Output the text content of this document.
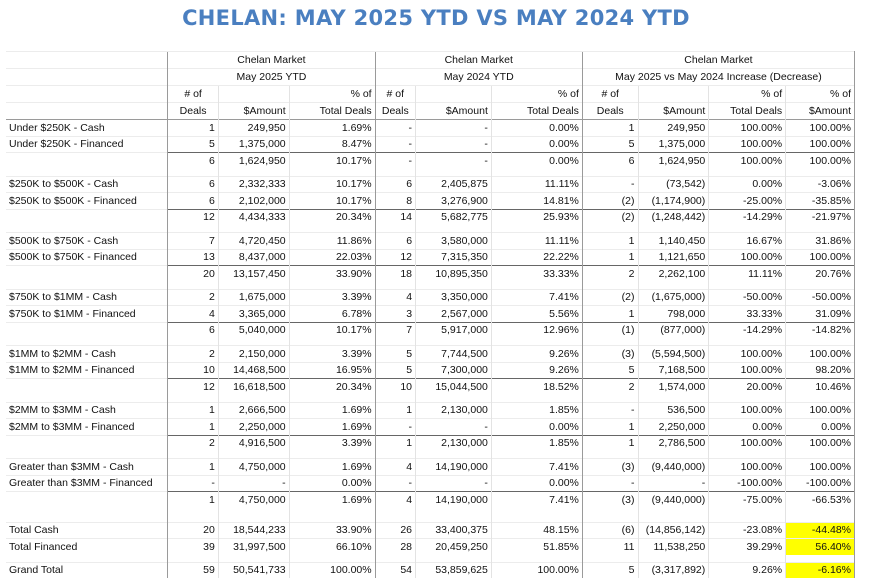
CHELAN: MAY 2025 YTD VS MAY 2024 YTD
	Chelan Market			Chelan Market			Chelan Market			
	May 2025 YTD			May 2024 YTD			May 2025 vs May 2024 Increase (Decrease)			
	# of		% of	# of		% of	# of		% of	% of
	Deals	$Amount	Total Deals	Deals	$Amount	Total Deals	Deals	$Amount	Total Deals	$Amount
Under $250K - Cash	1	249,950	1.69%	-	-	0.00%	1	249,950	100.00%	100.00%
Under $250K - Financed	5	1,375,000	8.47%	-	-	0.00%	5	1,375,000	100.00%	100.00%
	6	1,624,950	10.17%	-	-	0.00%	6	1,624,950	100.00%	100.00%

$250K to $500K - Cash	6	2,332,333	10.17%	6	2,405,875	11.11%	-	(73,542)	0.00%	-3.06%
$250K to $500K - Financed	6	2,102,000	10.17%	8	3,276,900	14.81%	(2)	(1,174,900)	-25.00%	-35.85%
	12	4,434,333	20.34%	14	5,682,775	25.93%	(2)	(1,248,442)	-14.29%	-21.97%

$500K to $750K - Cash	7	4,720,450	11.86%	6	3,580,000	11.11%	1	1,140,450	16.67%	31.86%
$500K to $750K - Financed	13	8,437,000	22.03%	12	7,315,350	22.22%	1	1,121,650	100.00%	100.00%
	20	13,157,450	33.90%	18	10,895,350	33.33%	2	2,262,100	11.11%	20.76%

$750K to $1MM - Cash	2	1,675,000	3.39%	4	3,350,000	7.41%	(2)	(1,675,000)	-50.00%	-50.00%
$750K to $1MM - Financed	4	3,365,000	6.78%	3	2,567,000	5.56%	1	798,000	33.33%	31.09%
	6	5,040,000	10.17%	7	5,917,000	12.96%	(1)	(877,000)	-14.29%	-14.82%

$1MM to $2MM - Cash	2	2,150,000	3.39%	5	7,744,500	9.26%	(3)	(5,594,500)	100.00%	100.00%
$1MM to $2MM - Financed	10	14,468,500	16.95%	5	7,300,000	9.26%	5	7,168,500	100.00%	98.20%
	12	16,618,500	20.34%	10	15,044,500	18.52%	2	1,574,000	20.00%	10.46%

$2MM to $3MM - Cash	1	2,666,500	1.69%	1	2,130,000	1.85%	-	536,500	100.00%	100.00%
$2MM to $3MM - Financed	1	2,250,000	1.69%	-	-	0.00%	1	2,250,000	0.00%	0.00%
	2	4,916,500	3.39%	1	2,130,000	1.85%	1	2,786,500	100.00%	100.00%

Greater than $3MM - Cash	1	4,750,000	1.69%	4	14,190,000	7.41%	(3)	(9,440,000)	100.00%	100.00%
Greater than $3MM - Financed	-	-	0.00%	-	-	0.00%	-	-	-100.00%	-100.00%
	1	4,750,000	1.69%	4	14,190,000	7.41%	(3)	(9,440,000)	-75.00%	-66.53%

Total Cash	20	18,544,233	33.90%	26	33,400,375	48.15%	(6)	(14,856,142)	-23.08%	-44.48%
Total Financed	39	31,997,500	66.10%	28	20,459,250	51.85%	11	11,538,250	39.29%	56.40%

Grand Total	59	50,541,733	100.00%	54	53,859,625	100.00%	5	(3,317,892)	9.26%	-6.16%
